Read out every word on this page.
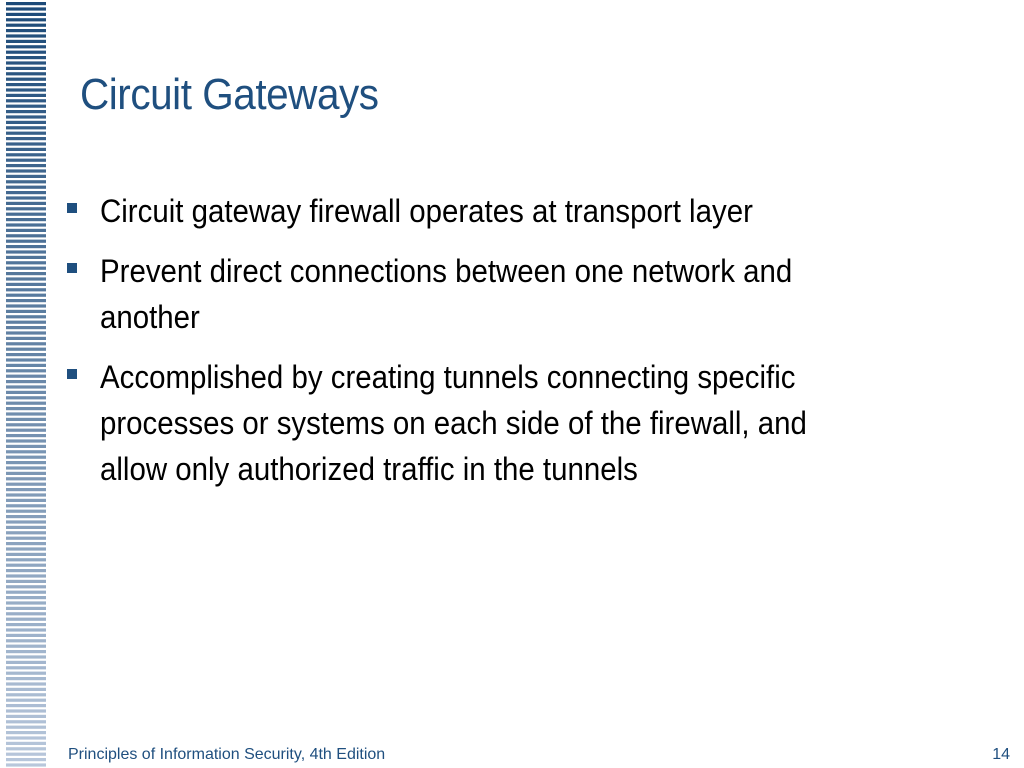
Circuit Gateways
Circuit gateway firewall operates at transport layer
Prevent direct connections between one network and another
Accomplished by creating tunnels connecting specific processes or systems on each side of the firewall, and allow only authorized traffic in the tunnels
Principles of Information Security, 4th Edition	14
